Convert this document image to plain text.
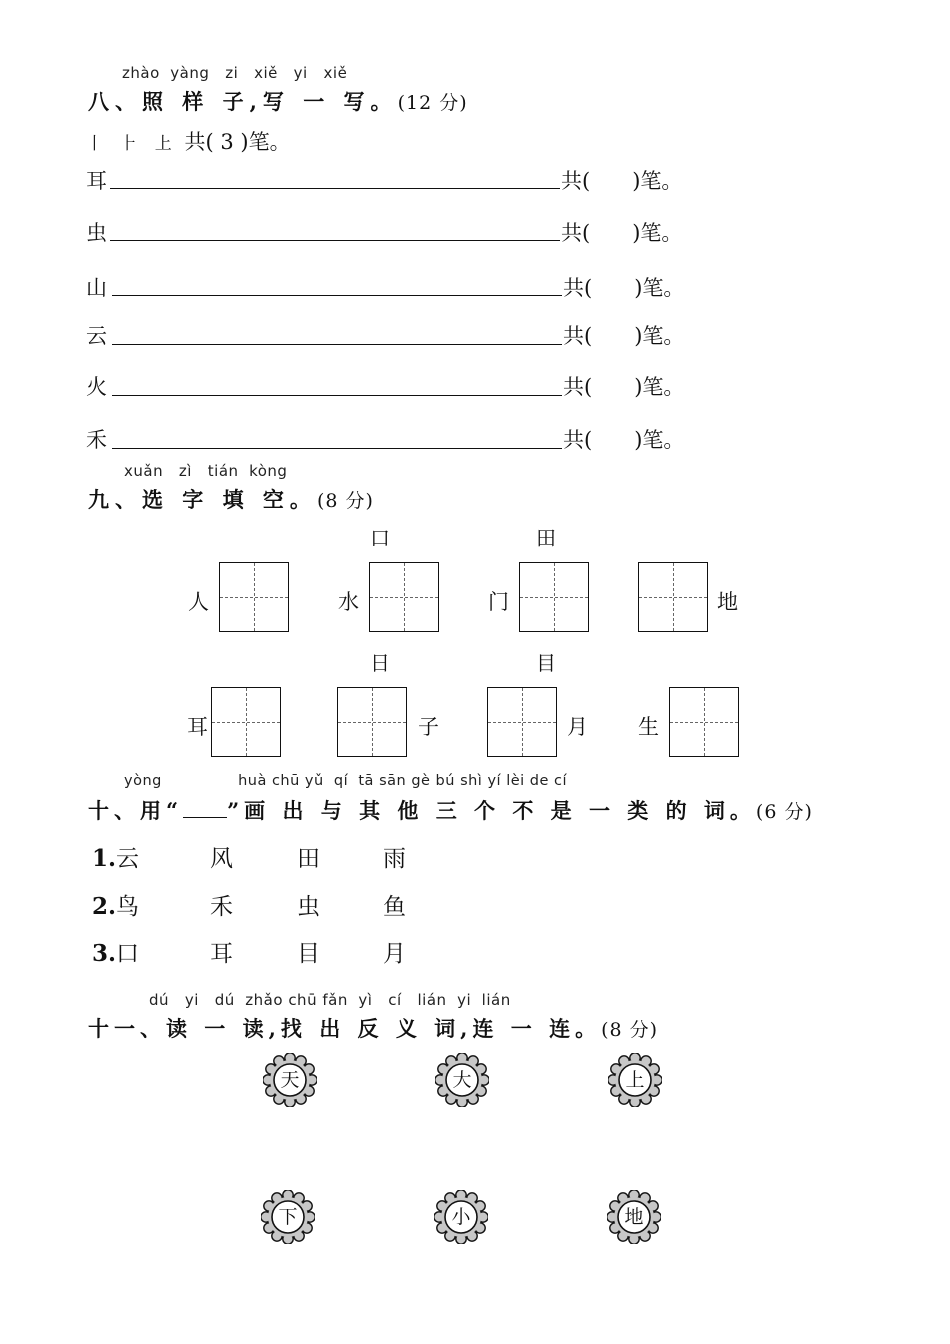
zhào yàng zi xiě yi xiě
八、照 样 子,写 一 写。(12 分)
丨 ⺊ 上 共( 3 )笔。
耳	共(　　)笔。
虫	共(　　)笔。
山	共(　　)笔。
云	共(　　)笔。
火	共(　　)笔。
禾	共(　　)笔。
xuǎn zì tián kòng
九、选 字 填 空。(8 分)
口	田
人	水	门	地
日	目
耳	子	月 生
yòng	huà chū yǔ qí tā sān gè bú shì yí lèi de cí
十、用“ ”画 出 与 其 他 三 个 不 是 一 类 的 词。(6 分)
1.云	风	田	雨
2.鸟	禾	虫	鱼
3.口	耳	目	月
dú yi dú zhǎo chū fǎn yì cí lián yi lián
十一、读 一 读,找 出 反 义 词,连 一 连。(8 分)
天	大	上
下	小	地
